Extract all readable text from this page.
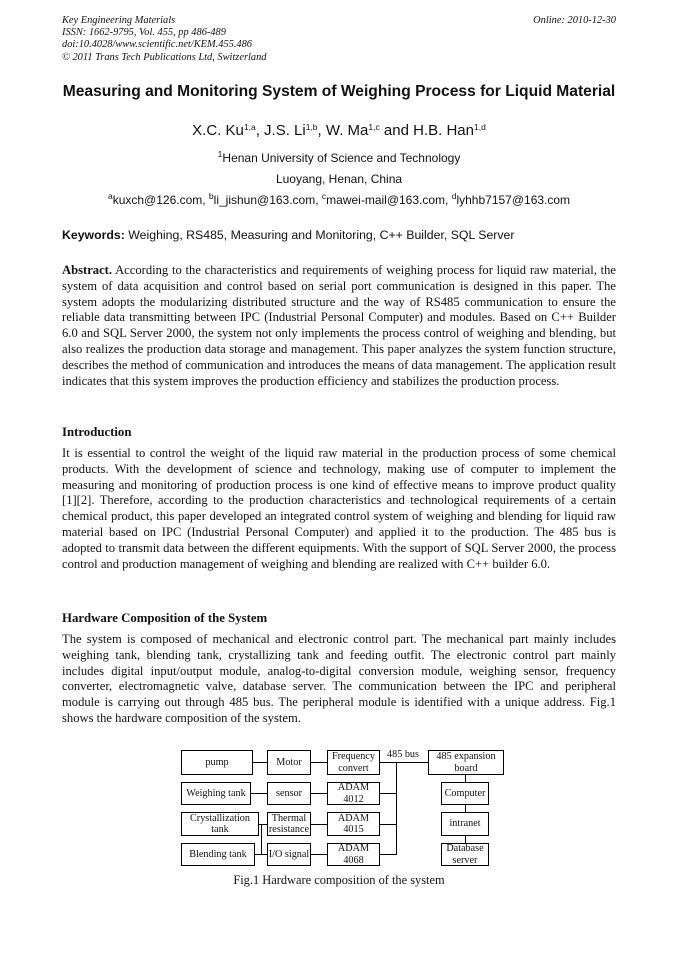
Key Engineering Materials
ISSN: 1662-9795, Vol. 455, pp 486-489
doi:10.4028/www.scientific.net/KEM.455.486
© 2011 Trans Tech Publications Ltd, Switzerland
Online: 2010-12-30
Measuring and Monitoring System of Weighing Process for Liquid Material
X.C. Ku$^{1,a}$, J.S. Li$^{1,b}$, W. Ma$^{1,c}$ and H.B. Han$^{1,d}$
$^1$Henan University of Science and Technology
Luoyang, Henan, China
$^a$kuxch@126.com, $^b$li_jishun@163.com, $^c$mawei-mail@163.com, $^d$lyhhb7157@163.com
Keywords: Weighing, RS485, Measuring and Monitoring, C++ Builder, SQL Server
Abstract. According to the characteristics and requirements of weighing process for liquid raw material, the system of data acquisition and control based on serial port communication is designed in this paper. The system adopts the modularizing distributed structure and the way of RS485 communication to ensure the reliable data transmitting between IPC (Industrial Personal Computer) and modules. Based on C++ Builder 6.0 and SQL Server 2000, the system not only implements the process control of weighing and blending, but also realizes the production data storage and management. This paper analyzes the system function structure, describes the method of communication and introduces the means of data management. The application result indicates that this system improves the production efficiency and stabilizes the production process.
Introduction
It is essential to control the weight of the liquid raw material in the production process of some chemical products. With the development of science and technology, making use of computer to implement the measuring and monitoring of production process is one kind of effective means to improve product quality [1][2]. Therefore, according to the production characteristics and technological requirements of a certain chemical product, this paper developed an integrated control system of weighing and blending for liquid raw material based on IPC (Industrial Personal Computer) and applied it to the production. The 485 bus is adopted to transmit data between the different equipments. With the support of SQL Server 2000, the process control and production management of weighing and blending are realized with C++ builder 6.0.
Hardware Composition of the System
The system is composed of mechanical and electronic control part. The mechanical part mainly includes weighing tank, blending tank, crystallizing tank and feeding outfit. The electronic control part mainly includes digital input/output module, analog-to-digital conversion module, weighing sensor, frequency converter, electromagnetic valve, database server. The communication between the IPC and peripheral module is carrying out through 485 bus. The peripheral module is identified with a unique address. Fig.1 shows the hardware composition of the system.
485 bus
pump	Motor
Frequency convert
485 expansion board
Weighing tank	sensor
ADAM 4012
Computer
Crystallization tank
Thermal resistance
ADAM 4015
intranet
Blending tank	I/O signal
ADAM 4068
Database server
Fig.1 Hardware composition of the system
